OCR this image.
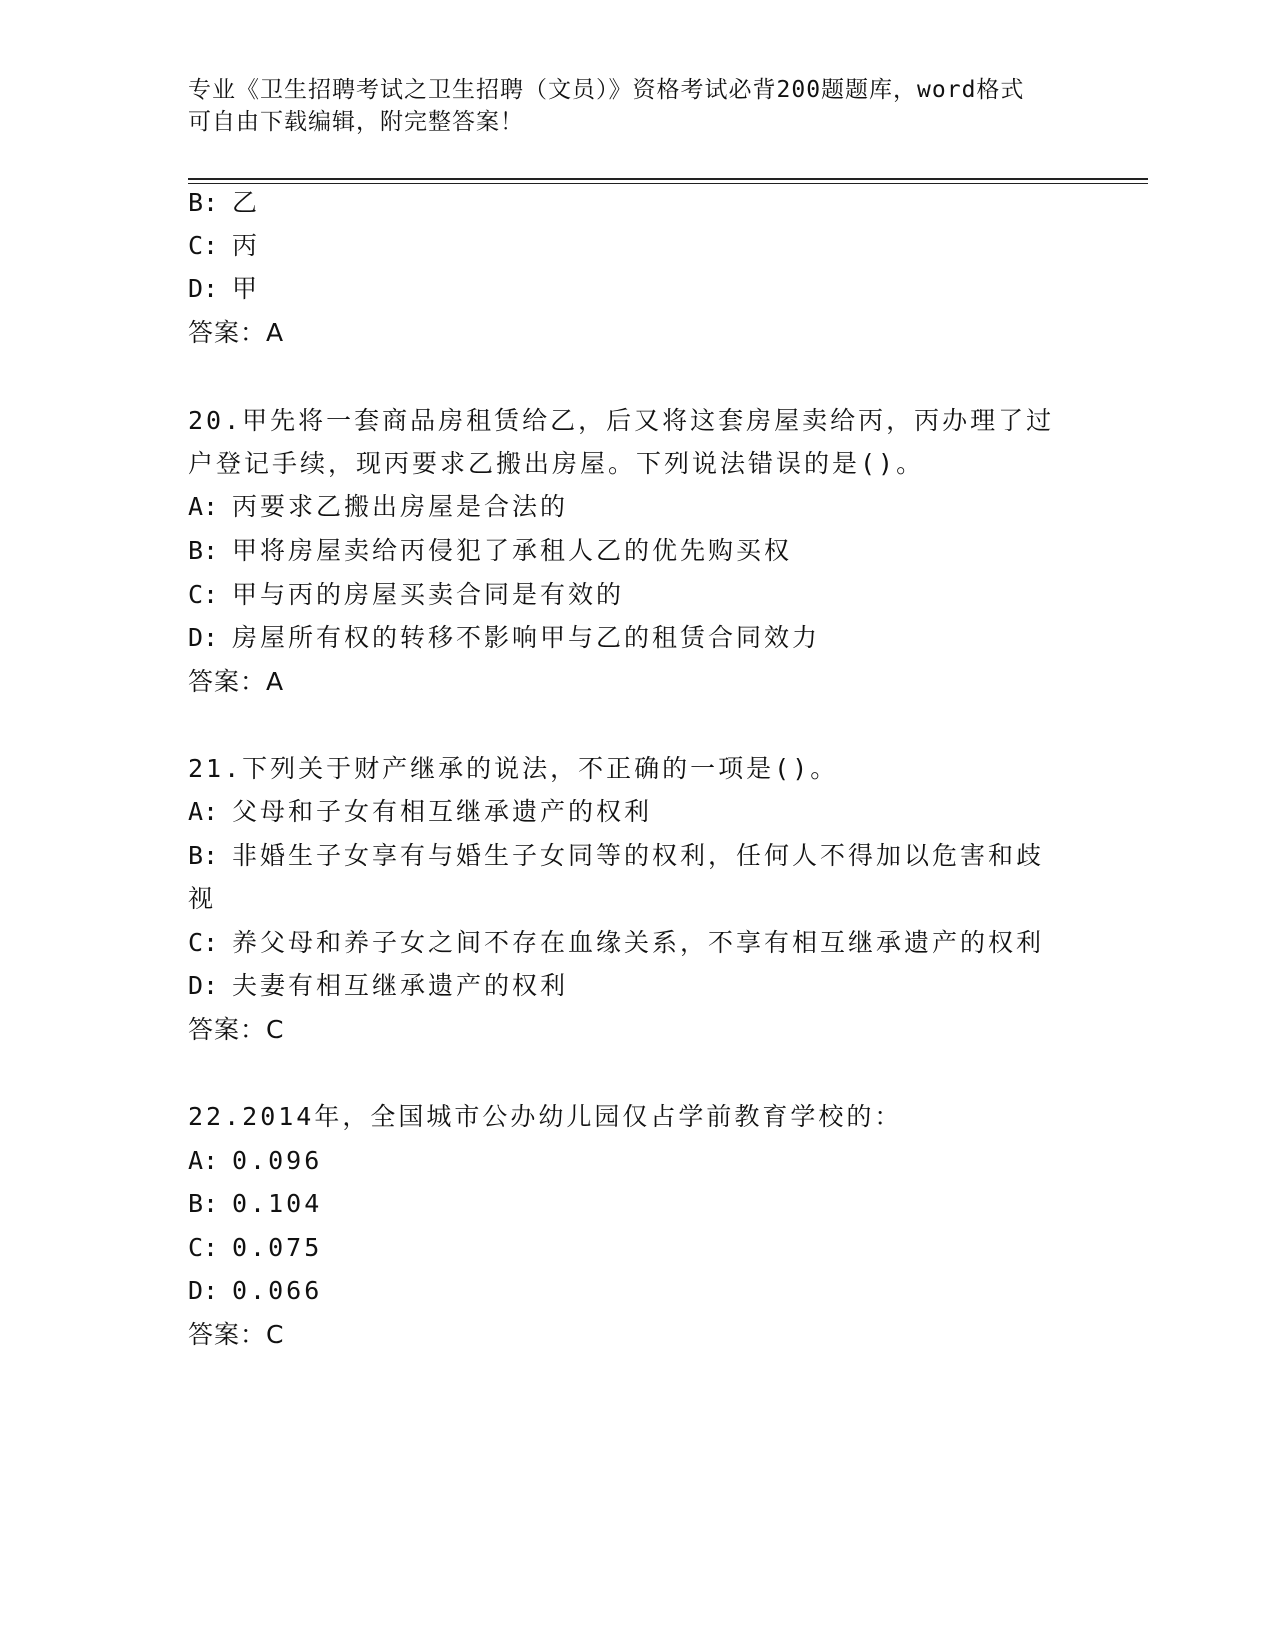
专业《卫生招聘考试之卫生招聘（文员）》资格考试必背200题题库，word格式
可自由下载编辑，附完整答案！
B: 乙
C: 丙
D: 甲
答案：A
20.甲先将一套商品房租赁给乙，后又将这套房屋卖给丙，丙办理了过
户登记手续，现丙要求乙搬出房屋。下列说法错误的是()。
A: 丙要求乙搬出房屋是合法的
B: 甲将房屋卖给丙侵犯了承租人乙的优先购买权
C: 甲与丙的房屋买卖合同是有效的
D: 房屋所有权的转移不影响甲与乙的租赁合同效力
答案：A
21.下列关于财产继承的说法，不正确的一项是()。
A: 父母和子女有相互继承遗产的权利
B: 非婚生子女享有与婚生子女同等的权利，任何人不得加以危害和歧
视
C: 养父母和养子女之间不存在血缘关系，不享有相互继承遗产的权利
D: 夫妻有相互继承遗产的权利
答案：C
22.2014年，全国城市公办幼儿园仅占学前教育学校的：
A: 0.096
B: 0.104
C: 0.075
D: 0.066
答案：C
